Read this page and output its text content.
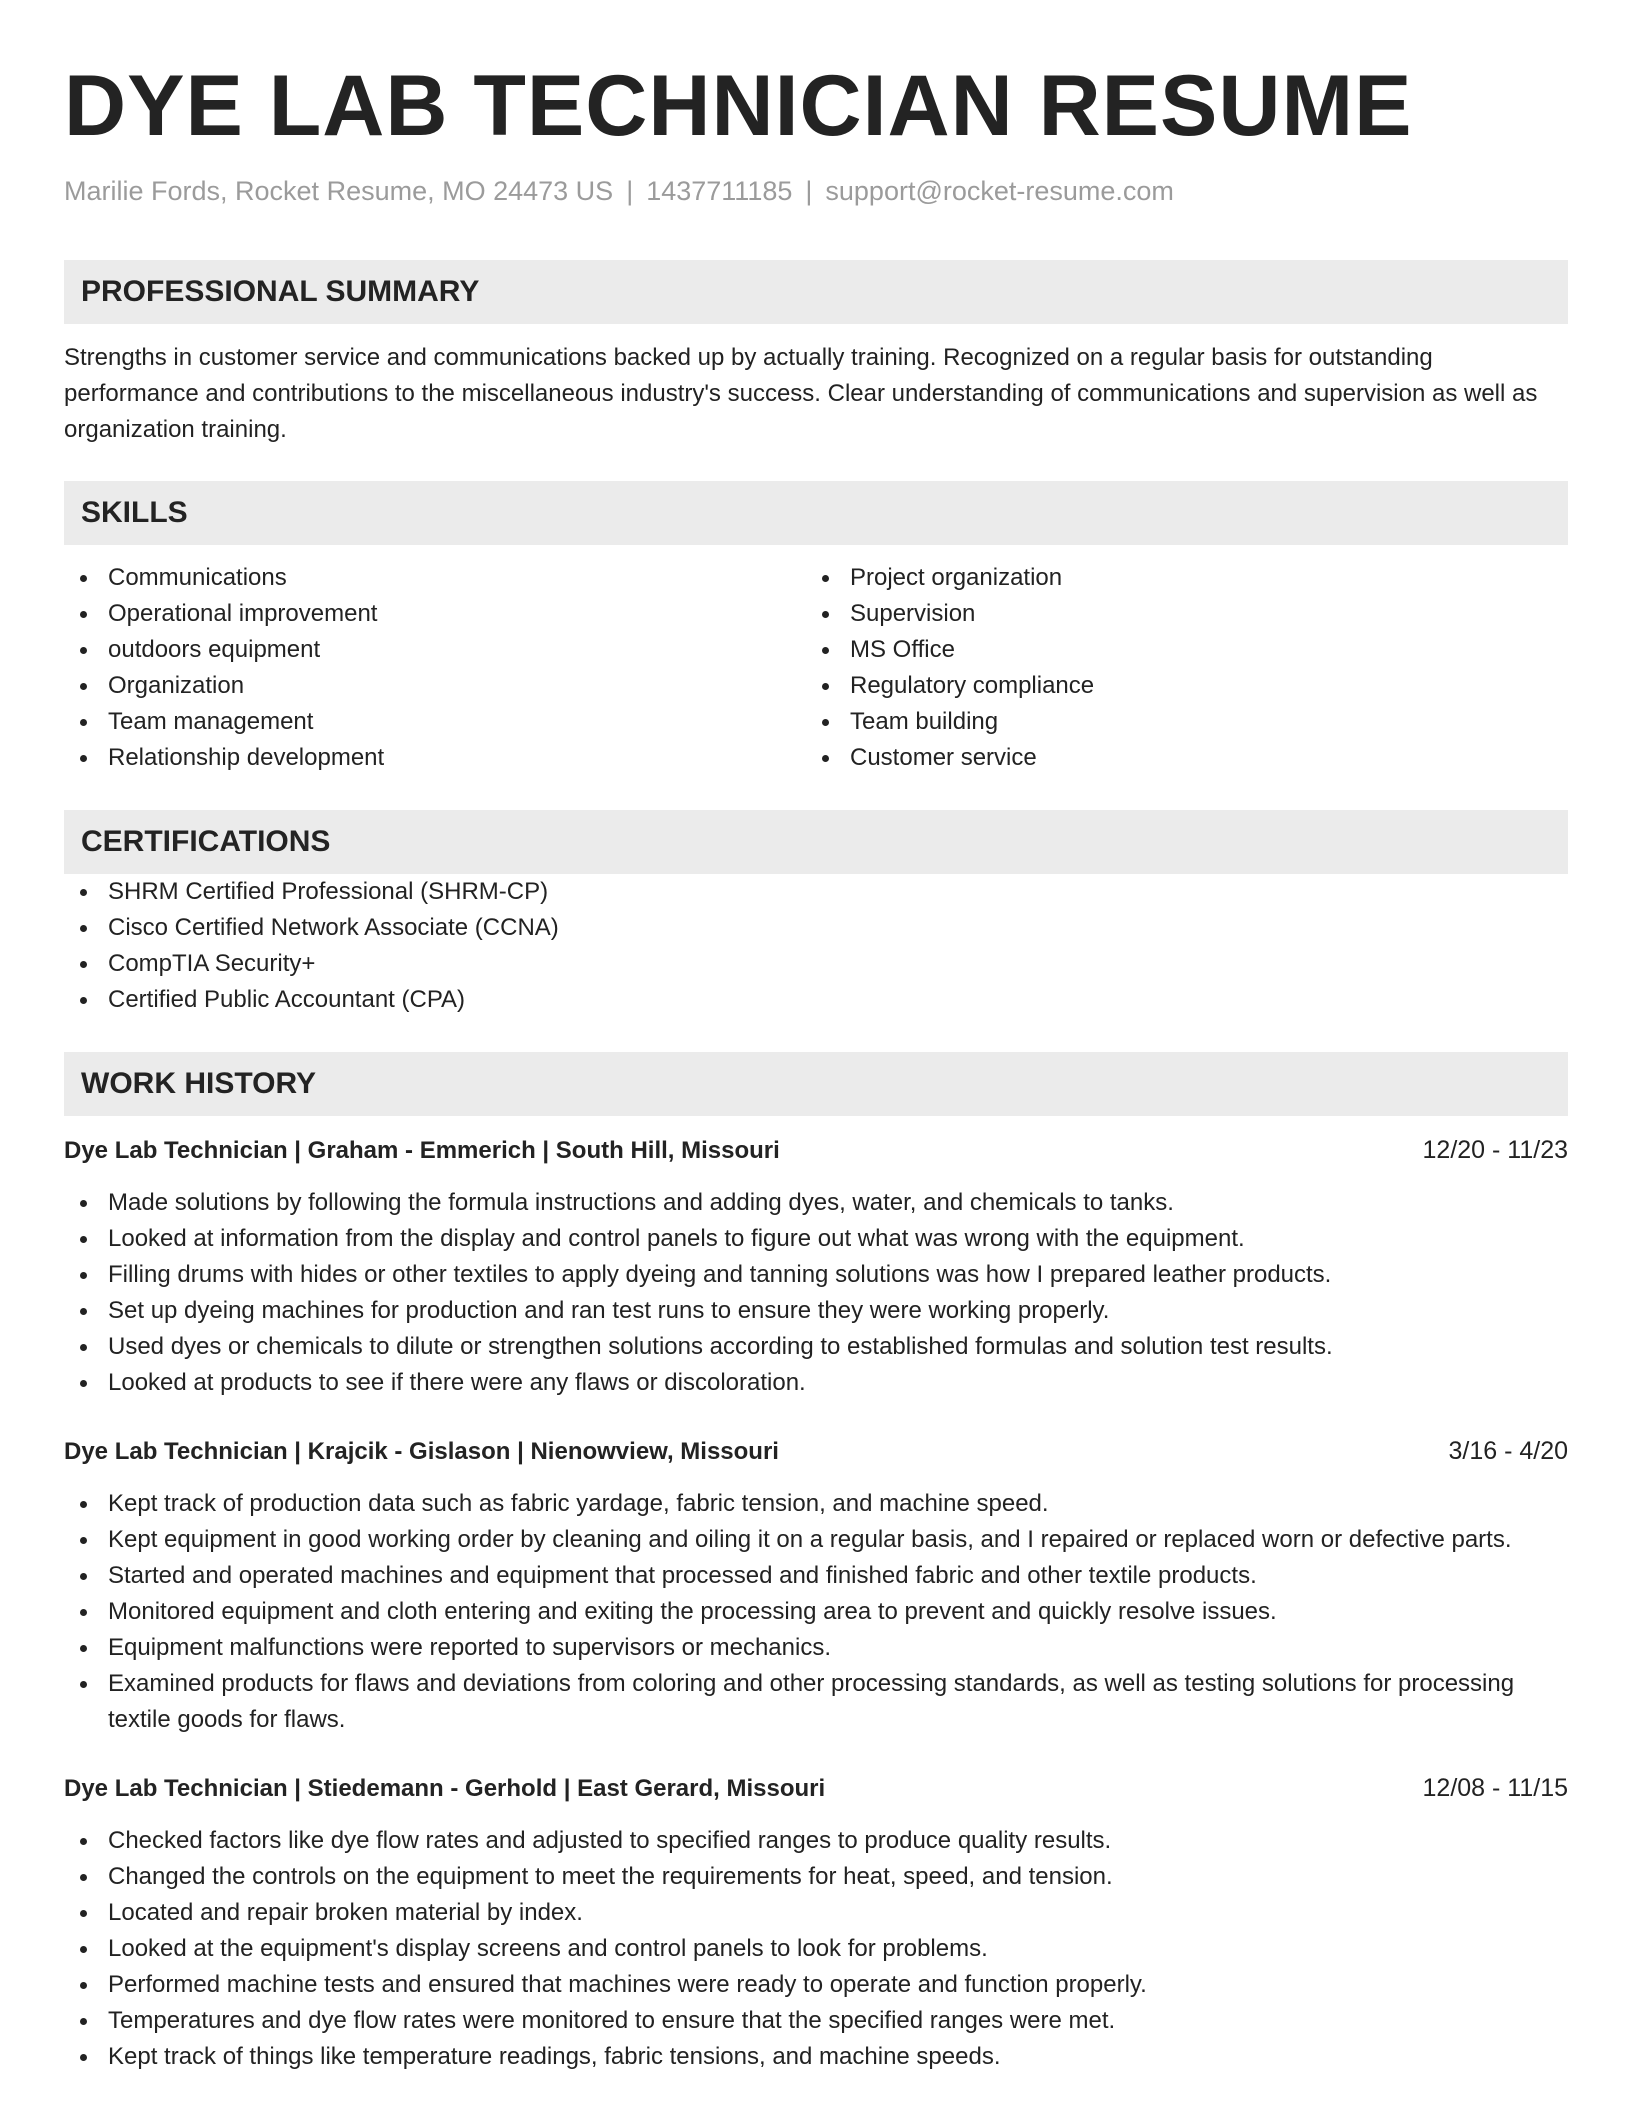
DYE LAB TECHNICIAN RESUME
Marilie Fords, Rocket Resume, MO 24473 US | 1437711185 | support@rocket-resume.com
PROFESSIONAL SUMMARY

Strengths in customer service and communications backed up by actually training. Recognized on a regular basis for outstanding performance and contributions to the miscellaneous industry's success. Clear understanding of communications and supervision as well as organization training.

SKILLS
Communications
Operational improvement
outdoors equipment
Organization
Team management
Relationship development
Project organization
Supervision
MS Office
Regulatory compliance
Team building
Customer service
CERTIFICATIONS
SHRM Certified Professional (SHRM-CP)
Cisco Certified Network Associate (CCNA)
CompTIA Security+
Certified Public Accountant (CPA)
WORK HISTORY
Dye Lab Technician | Graham - Emmerich | South Hill, Missouri	12/20 - 11/23
Made solutions by following the formula instructions and adding dyes, water, and chemicals to tanks.
Looked at information from the display and control panels to figure out what was wrong with the equipment.
Filling drums with hides or other textiles to apply dyeing and tanning solutions was how I prepared leather products.
Set up dyeing machines for production and ran test runs to ensure they were working properly.
Used dyes or chemicals to dilute or strengthen solutions according to established formulas and solution test results.
Looked at products to see if there were any flaws or discoloration.
Dye Lab Technician | Krajcik - Gislason | Nienowview, Missouri	3/16 - 4/20
Kept track of production data such as fabric yardage, fabric tension, and machine speed.
Kept equipment in good working order by cleaning and oiling it on a regular basis, and I repaired or replaced worn or defective parts.
Started and operated machines and equipment that processed and finished fabric and other textile products.
Monitored equipment and cloth entering and exiting the processing area to prevent and quickly resolve issues.
Equipment malfunctions were reported to supervisors or mechanics.
Examined products for flaws and deviations from coloring and other processing standards, as well as testing solutions for processing textile goods for flaws.
Dye Lab Technician | Stiedemann - Gerhold | East Gerard, Missouri	12/08 - 11/15
Checked factors like dye flow rates and adjusted to specified ranges to produce quality results.
Changed the controls on the equipment to meet the requirements for heat, speed, and tension.
Located and repair broken material by index.
Looked at the equipment's display screens and control panels to look for problems.
Performed machine tests and ensured that machines were ready to operate and function properly.
Temperatures and dye flow rates were monitored to ensure that the specified ranges were met.
Kept track of things like temperature readings, fabric tensions, and machine speeds.
